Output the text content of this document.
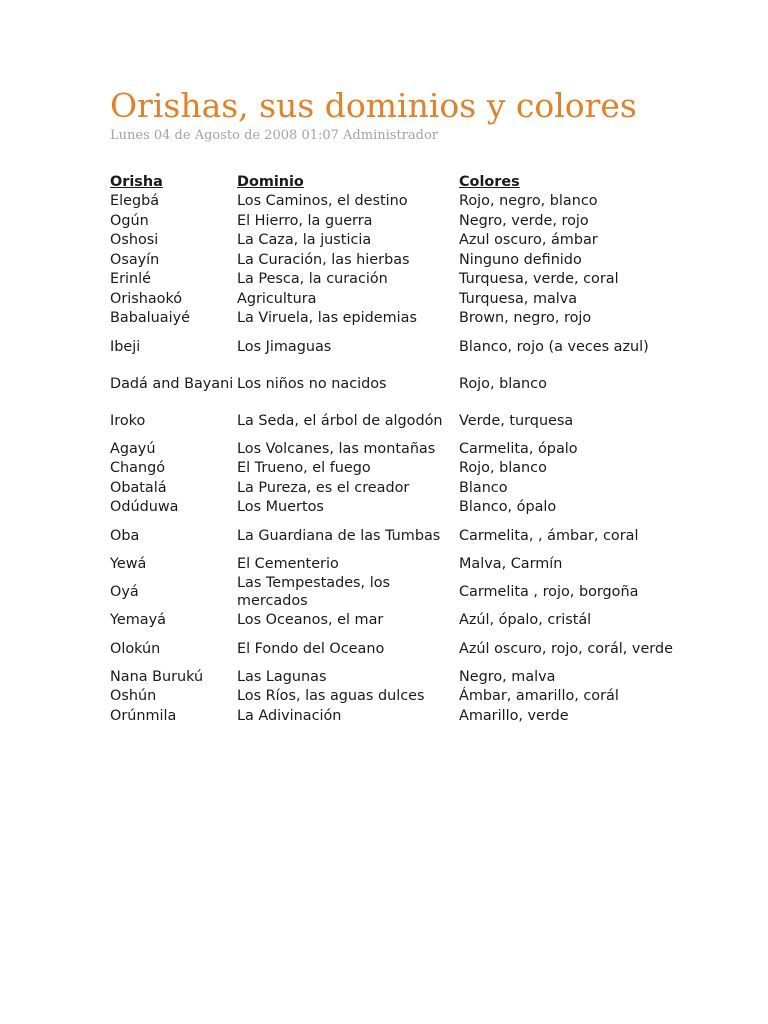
Orishas, sus dominios y colores
Lunes 04 de Agosto de 2008 01:07 Administrador
Orisha	Dominio	Colores
Elegbá	Los Caminos, el destino	Rojo, negro, blanco
Ogún	El Hierro, la guerra	Negro, verde, rojo
Oshosi	La Caza, la justicia	Azul oscuro, ámbar
Osayín	La Curación, las hierbas	Ninguno definido
Erinlé	La Pesca, la curación	Turquesa, verde, coral
Orishaokó	Agricultura	Turquesa, malva
Babaluaiyé	La Viruela, las epidemias	Brown, negro, rojo
Ibeji	Los Jimaguas	Blanco, rojo (a veces azul)
Dadá and Bayani	Los niños no nacidos	Rojo, blanco
Iroko	La Seda, el árbol de algodón	Verde, turquesa
Agayú	Los Volcanes, las montañas	Carmelita, ópalo
Changó	El Trueno, el fuego	Rojo, blanco
Obatalá	La Pureza, es el creador	Blanco
Odúduwa	Los Muertos	Blanco, ópalo
Oba	La Guardiana de las Tumbas	Carmelita, , ámbar, coral
Yewá	El Cementerio	Malva, Carmín
Oyá	Las Tempestades, los mercados	Carmelita , rojo, borgoña
Yemayá	Los Oceanos, el mar	Azúl, ópalo, cristál
Olokún	El Fondo del Oceano	Azúl oscuro, rojo, corál, verde
Nana Burukú	Las Lagunas	Negro, malva
Oshún	Los Ríos, las aguas dulces	Ámbar, amarillo, corál
Orúnmila	La Adivinación	Amarillo, verde
